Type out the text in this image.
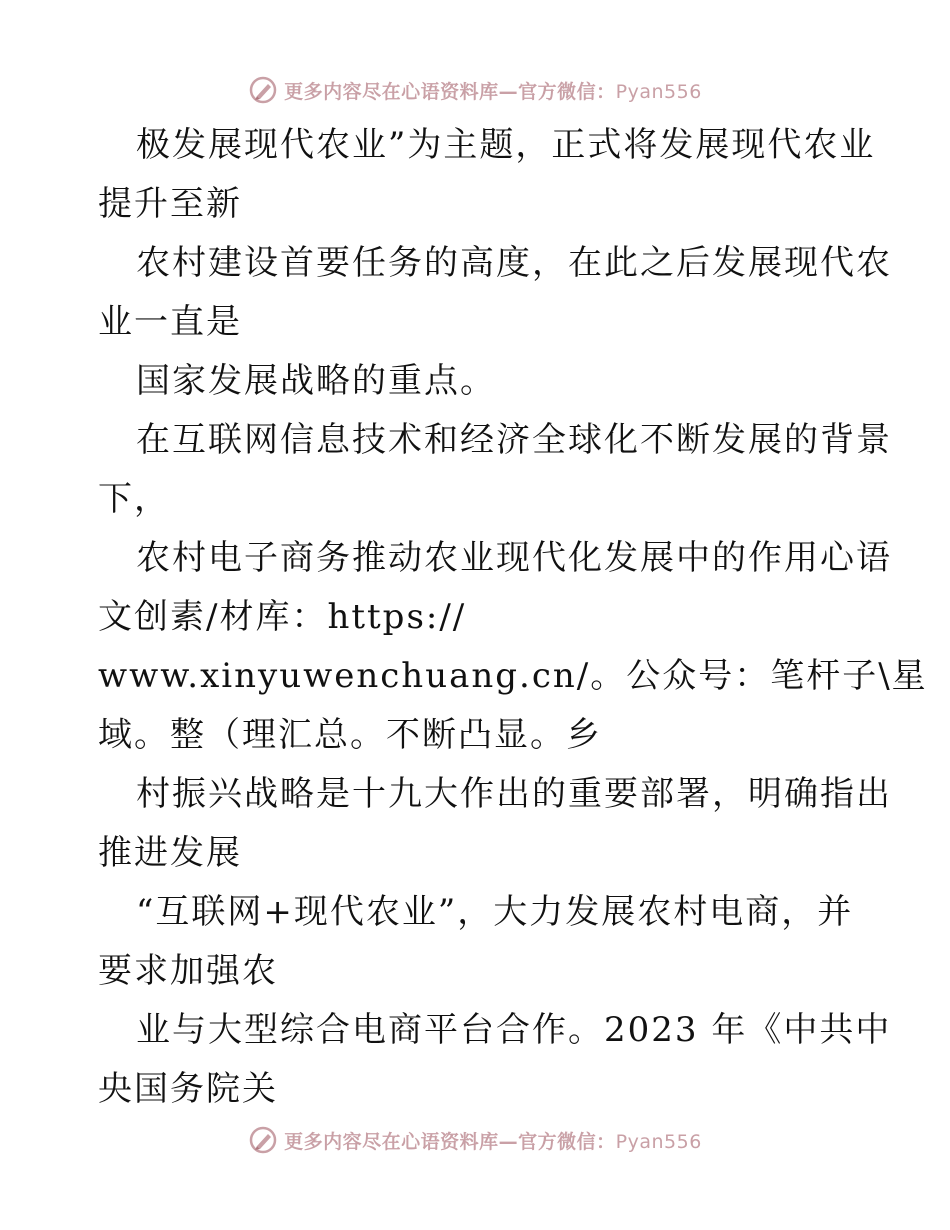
更多内容尽在心语资料库—官方微信：Pyan556
极发展现代农业”为主题，正式将发展现代农业
提升至新
农村建设首要任务的高度，在此之后发展现代农
业一直是
国家发展战略的重点。
在互联网信息技术和经济全球化不断发展的背景
下，
农村电子商务推动农业现代化发展中的作用心语
文创素/材库：https://
www.xinyuwenchuang.cn/。公众号：笔杆子\星
域。整（理汇总。不断凸显。乡
村振兴战略是十九大作出的重要部署，明确指出
推进发展
“互联网+现代农业”，大力发展农村电商，并
要求加强农
业与大型综合电商平台合作。2023 年《中共中
央国务院关
更多内容尽在心语资料库—官方微信：Pyan556
